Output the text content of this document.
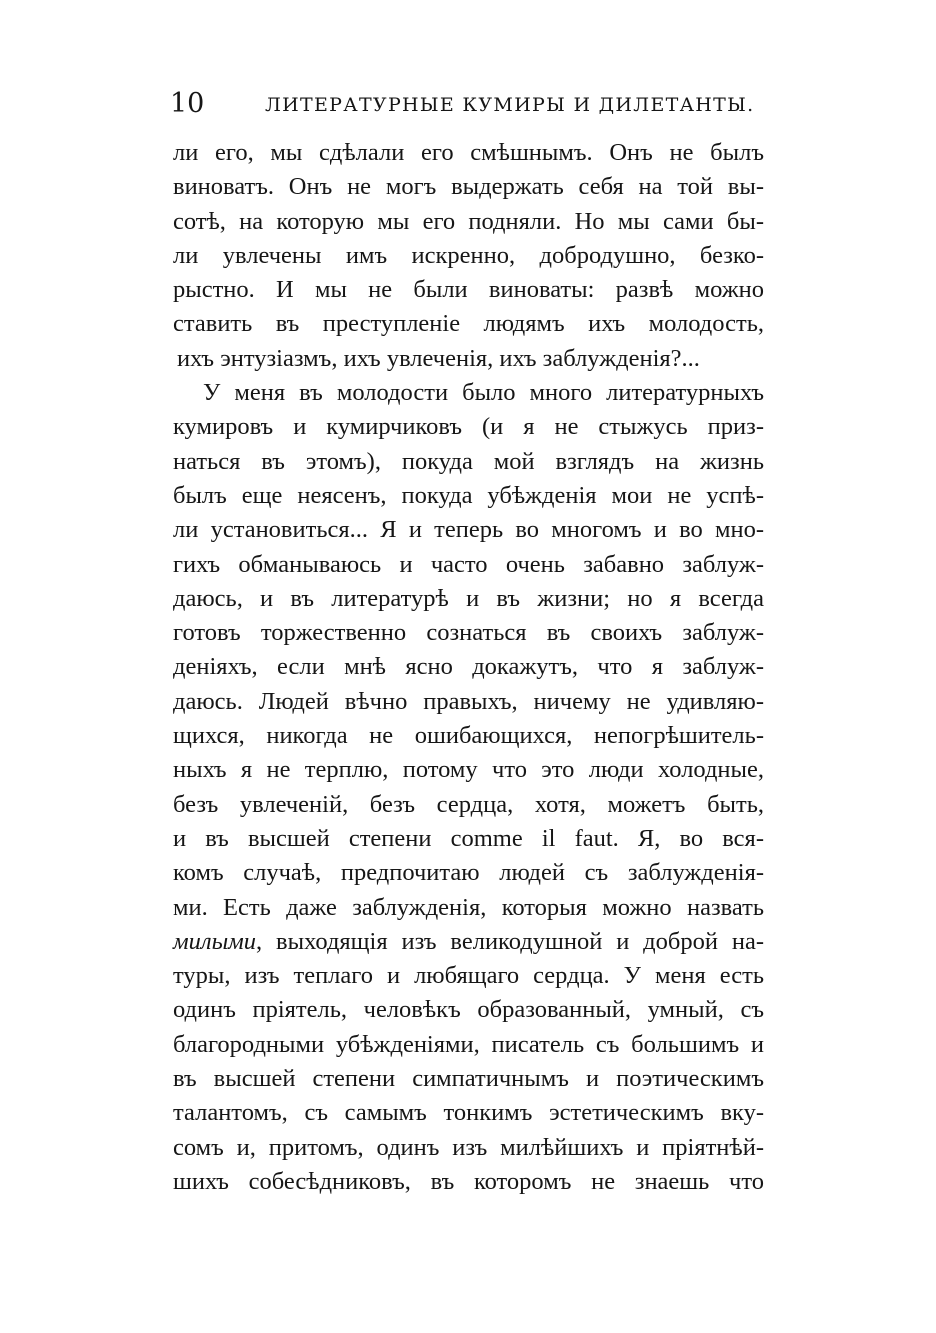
10	ЛИТЕРАТУРНЫЕ КУМИРЫ И ДИЛЕТАНТЫ.
ли его, мы сдѣлали его смѣшнымъ. Онъ не былъ
виноватъ. Онъ не могъ выдержать себя на той вы-
сотѣ, на которую мы его подняли. Но мы сами бы-
ли увлечены имъ искренно, добродушно, безко-
рыстно. И мы не были виноваты: развѣ можно
ставить въ преступленіе людямъ ихъ молодость,
ихъ энтузіазмъ, ихъ увлеченія, ихъ заблужденія?...
У меня въ молодости было много литературныхъ
кумировъ и кумирчиковъ (и я не стыжусь приз-
наться въ этомъ), покуда мой взглядъ на жизнь
былъ еще неясенъ, покуда убѣжденія мои не успѣ-
ли установиться... Я и теперь во многомъ и во мно-
гихъ обманываюсь и часто очень забавно заблуж-
даюсь, и въ литературѣ и въ жизни; но я всегда
готовъ торжественно сознаться въ своихъ заблуж-
деніяхъ, если мнѣ ясно докажутъ, что я заблуж-
даюсь. Людей вѣчно правыхъ, ничему не удивляю-
щихся, никогда не ошибающихся, непогрѣшитель-
ныхъ я не терплю, потому что это люди холодные,
безъ увлеченій, безъ сердца, хотя, можетъ быть,
и въ высшей степени comme il faut. Я, во вся-
комъ случаѣ, предпочитаю людей съ заблужденія-
ми. Есть даже заблужденія, которыя можно назвать
милыми, выходящія изъ великодушной и доброй на-
туры, изъ теплаго и любящаго сердца. У меня есть
одинъ пріятель, человѣкъ образованный, умный, съ
благородными убѣжденіями, писатель съ большимъ и
въ высшей степени симпатичнымъ и поэтическимъ
талантомъ, съ самымъ тонкимъ эстетическимъ вку-
сомъ и, притомъ, одинъ изъ милѣйшихъ и пріятнѣй-
шихъ собесѣдниковъ, въ которомъ не знаешь что
